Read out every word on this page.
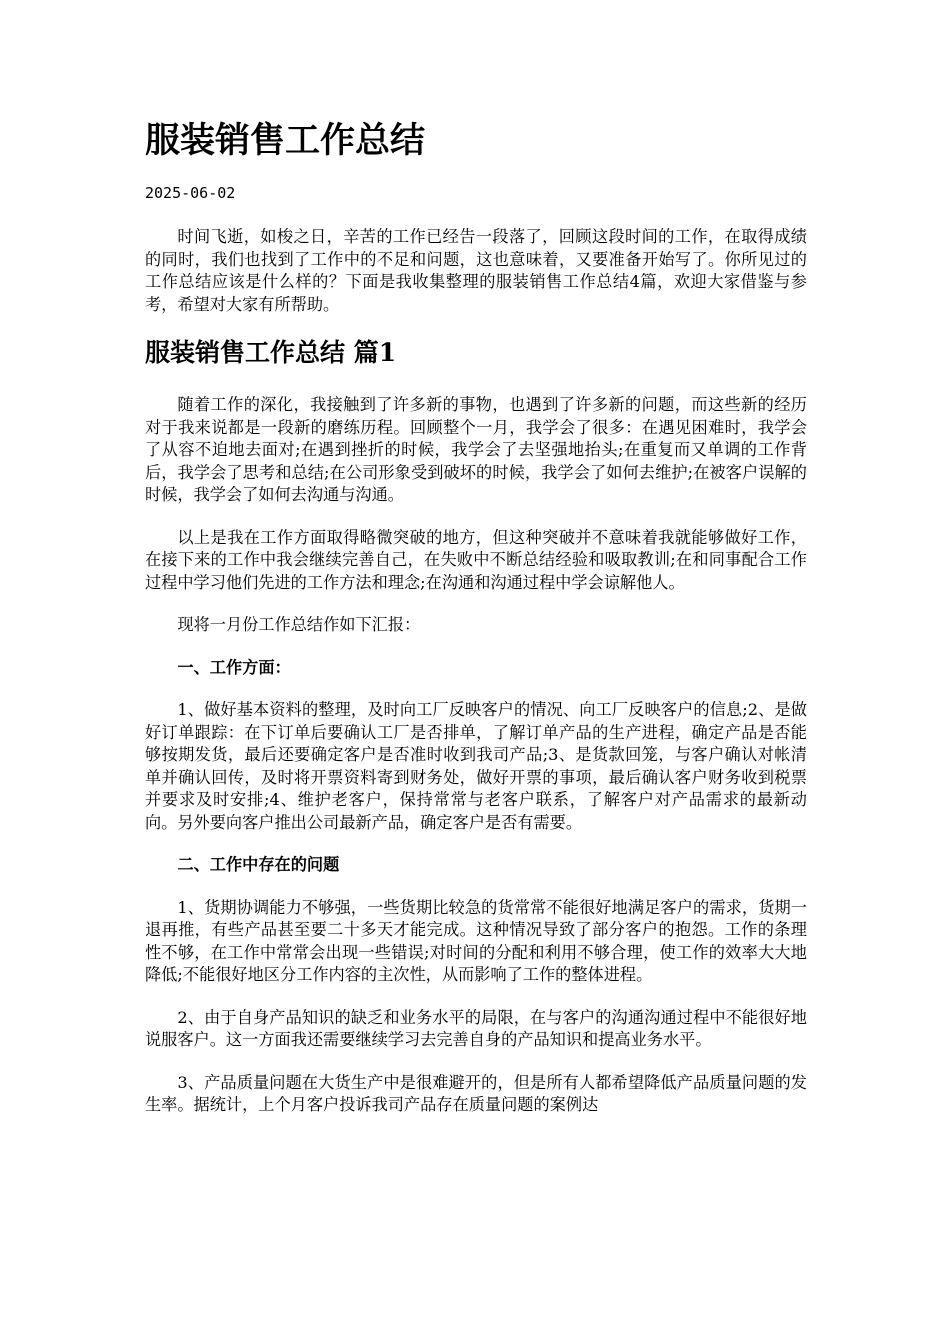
服装销售工作总结
2025-06-02

时间飞逝，如梭之日，辛苦的工作已经告一段落了，回顾这段时间的工作，在取得成绩的同时，我们也找到了工作中的不足和问题，这也意味着，又要准备开始写了。你所见过的工作总结应该是什么样的？下面是我收集整理的服装销售工作总结4篇，欢迎大家借鉴与参考，希望对大家有所帮助。

服装销售工作总结 篇1

随着工作的深化，我接触到了许多新的事物，也遇到了许多新的问题，而这些新的经历对于我来说都是一段新的磨练历程。回顾整个一月，我学会了很多：在遇见困难时，我学会了从容不迫地去面对;在遇到挫折的时候，我学会了去坚强地抬头;在重复而又单调的工作背后，我学会了思考和总结;在公司形象受到破坏的时候，我学会了如何去维护;在被客户误解的时候，我学会了如何去沟通与沟通。

以上是我在工作方面取得略微突破的地方，但这种突破并不意味着我就能够做好工作，在接下来的工作中我会继续完善自己，在失败中不断总结经验和吸取教训;在和同事配合工作过程中学习他们先进的工作方法和理念;在沟通和沟通过程中学会谅解他人。

现将一月份工作总结作如下汇报：

一、工作方面：

1、做好基本资料的整理，及时向工厂反映客户的情况、向工厂反映客户的信息;2、是做好订单跟踪：在下订单后要确认工厂是否排单，了解订单产品的生产进程，确定产品是否能够按期发货，最后还要确定客户是否准时收到我司产品;3、是货款回笼，与客户确认对帐清单并确认回传，及时将开票资料寄到财务处，做好开票的事项，最后确认客户财务收到税票并要求及时安排;4、维护老客户，保持常常与老客户联系，了解客户对产品需求的最新动向。另外要向客户推出公司最新产品，确定客户是否有需要。

二、工作中存在的问题

1、货期协调能力不够强，一些货期比较急的货常常不能很好地满足客户的需求，货期一退再推，有些产品甚至要二十多天才能完成。这种情况导致了部分客户的抱怨。工作的条理性不够，在工作中常常会出现一些错误;对时间的分配和利用不够合理，使工作的效率大大地降低;不能很好地区分工作内容的主次性，从而影响了工作的整体进程。

2、由于自身产品知识的缺乏和业务水平的局限，在与客户的沟通沟通过程中不能很好地说服客户。这一方面我还需要继续学习去完善自身的产品知识和提高业务水平。

3、产品质量问题在大货生产中是很难避开的，但是所有人都希望降低产品质量问题的发生率。据统计，上个月客户投诉我司产品存在质量问题的案例达
